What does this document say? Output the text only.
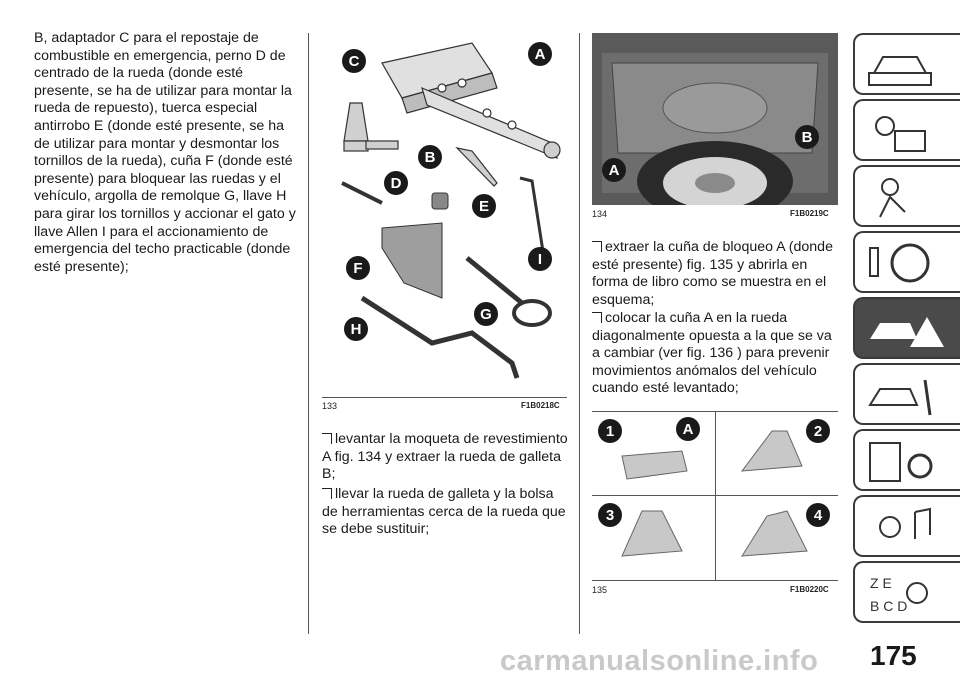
B, adaptador C para el repostaje de combustible en emergencia, perno D de centrado de la rueda (donde esté presente, se ha de utilizar para montar la rueda de repuesto), tuerca especial antirrobo E (donde esté presente, se ha de utilizar para montar y desmontar los tornillos de la rueda), cuña F (donde esté presente) para bloquear las ruedas y el vehículo, argolla de remolque G, llave H para girar los tornillos y accionar el gato y llave Allen I para el accionamiento de emergencia del techo practicable (donde esté presente);
C	A
B
D
E
I
F
G
H
133	F1B0218C
levantar la moqueta de revestimiento A fig. 134 y extraer la rueda de galleta B;
llevar la rueda de galleta y la bolsa de herramientas cerca de la rueda que se debe sustituir;
A
B
134	F1B0219C
extraer la cuña de bloqueo A (donde esté presente) fig. 135 y abrirla en forma de libro como se muestra en el esquema;
colocar la cuña A en la rueda diagonalmente opuesta a la que se va a cambiar (ver fig. 136 ) para prevenir movimientos anómalos del vehículo cuando esté levantado;
1	A	2
3	4
135	F1B0220C	Z E
B C D
175
carmanualsonline.info
